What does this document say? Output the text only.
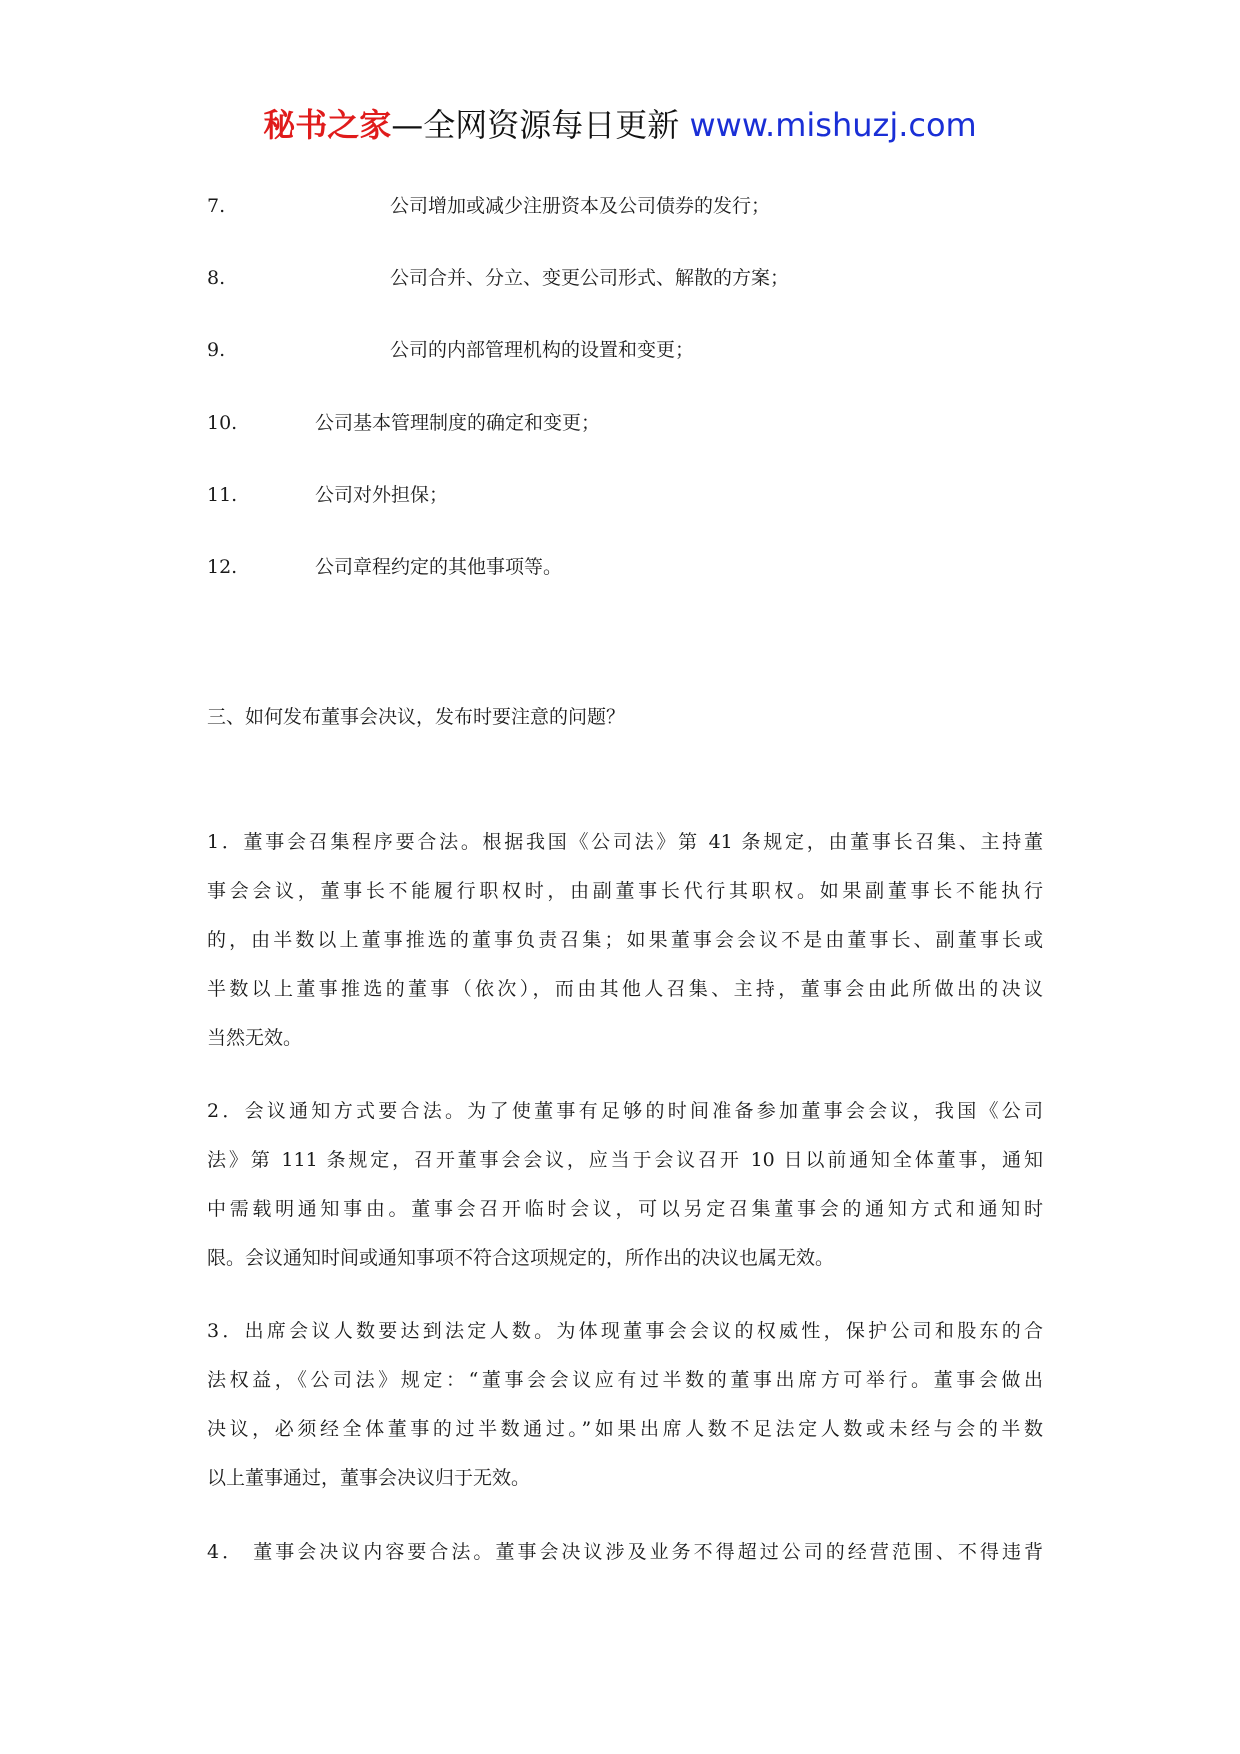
秘书之家—全网资源每日更新 www.mishuzj.com
7.	公司增加或减少注册资本及公司债券的发行；
8.	公司合并、分立、变更公司形式、解散的方案；
9.	公司的内部管理机构的设置和变更；
10.	公司基本管理制度的确定和变更；
11.	公司对外担保；
12.	公司章程约定的其他事项等。
三、如何发布董事会决议，发布时要注意的问题？
1．董事会召集程序要合法。根据我国《公司法》第 41 条规定，由董事长召集、主持董
事会会议，董事长不能履行职权时，由副董事长代行其职权。如果副董事长不能执行
的，由半数以上董事推选的董事负责召集；如果董事会会议不是由董事长、副董事长或
半数以上董事推选的董事（依次），而由其他人召集、主持，董事会由此所做出的决议
当然无效。
2．会议通知方式要合法。为了使董事有足够的时间准备参加董事会会议，我国《公司
法》第 111 条规定，召开董事会会议，应当于会议召开 10 日以前通知全体董事，通知
中需载明通知事由。董事会召开临时会议，可以另定召集董事会的通知方式和通知时
限。会议通知时间或通知事项不符合这项规定的，所作出的决议也属无效。
3．出席会议人数要达到法定人数。为体现董事会会议的权威性，保护公司和股东的合
法权益，《公司法》规定：“董事会会议应有过半数的董事出席方可举行。董事会做出
决议，必须经全体董事的过半数通过。”如果出席人数不足法定人数或未经与会的半数
以上董事通过，董事会决议归于无效。
4． 董事会决议内容要合法。董事会决议涉及业务不得超过公司的经营范围、不得违背
